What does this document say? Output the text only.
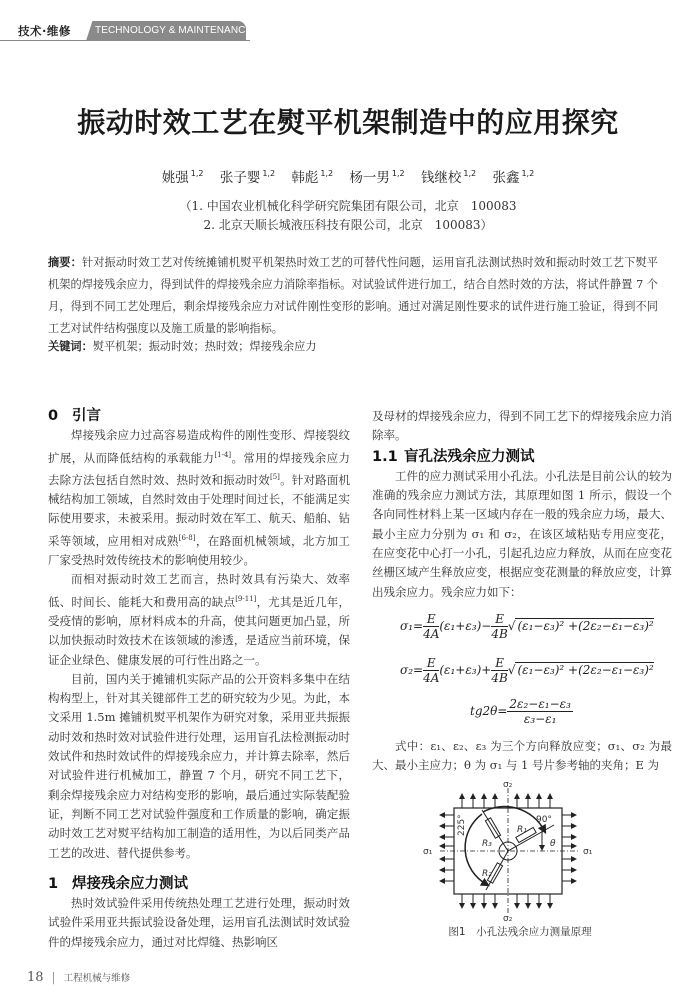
技术·维修 TECHNOLOGY & MAINTENANCE
振动时效工艺在熨平机架制造中的应用探究
姚强 $^{1,2}$ 张子婴 $^{1,2}$ 韩彪 $^{1,2}$ 杨一男 $^{1,2}$ 钱继校 $^{1,2}$ 张鑫 $^{1,2}$
（1. 中国农业机械化科学研究院集团有限公司，北京　100083
2. 北京天顺长城液压科技有限公司，北京　100083）
摘要：针对振动时效工艺对传统摊铺机熨平机架热时效工艺的可替代性问题，运用盲孔法测试热时效和振动时效工艺下熨平机架的焊接残余应力，得到试件的焊接残余应力消除率指标。对试验试件进行加工，结合自然时效的方法，将试件静置 7 个月，得到不同工艺处理后，剩余焊接残余应力对试件刚性变形的影响。通过对满足刚性要求的试件进行施工验证，得到不同工艺对试件结构强度以及施工质量的影响指标。
关键词：熨平机架；振动时效；热时效；焊接残余应力
0 引言

焊接残余应力过高容易造成构件的刚性变形、焊接裂纹扩展，从而降低结构的承载能力[1-4]。常用的焊接残余应力去除方法包括自然时效、热时效和振动时效[5]。针对路面机械结构加工领域，自然时效由于处理时间过长，不能满足实际使用要求，未被采用。振动时效在军工、航天、船舶、钻采等领域，应用相对成熟[6-8]，在路面机械领域，北方加工厂家受热时效传统技术的影响使用较少。

而相对振动时效工艺而言，热时效具有污染大、效率低、时间长、能耗大和费用高的缺点[9-11]，尤其是近几年，受疫情的影响，原材料成本的升高，使其问题更加凸显，所以加快振动时效技术在该领域的渗透，是适应当前环境，保证企业绿色、健康发展的可行性出路之一。

目前，国内关于摊铺机实际产品的公开资料多集中在结构构型上，针对其关键部件工艺的研究较为少见。为此，本文采用 1.5m 摊铺机熨平机架作为研究对象，采用亚共振振动时效和热时效对试验件进行处理，运用盲孔法检测振动时效试件和热时效试件的焊接残余应力，并计算去除率，然后对试验件进行机械加工，静置 7 个月，研究不同工艺下，剩余焊接残余应力对结构变形的影响，最后通过实际装配验证，判断不同工艺对试验件强度和工作质量的影响，确定振动时效工艺对熨平结构加工制造的适用性，为以后同类产品工艺的改进、替代提供参考。

1 焊接残余应力测试

热时效试验件采用传统热处理工艺进行处理，振动时效试验件采用亚共振试验设备处理，运用盲孔法测试时效试验件的焊接残余应力，通过对比焊缝、热影响区

及母材的焊接残余应力，得到不同工艺下的焊接残余应力消除率。

1.1 盲孔法残余应力测试

工件的应力测试采用小孔法。小孔法是目前公认的较为准确的残余应力测试方法，其原理如图 1 所示，假设一个各向同性材料上某一区域内存在一般的残余应力场，最大、最小主应力分别为 σ₁ 和 σ₂，在该区域粘贴专用应变花，在应变花中心打一小孔，引起孔边应力释放，从而在应变花丝栅区域产生释放应变，根据应变花测量的释放应变，计算出残余应力。残余应力如下：

$\sigma_1= \frac{E}{4A} (\varepsilon_1+\varepsilon_3)- \frac{E}{4B}$ √ (ε₁−ε₃)² +(2ε₂−ε₁−ε₃)²
$\sigma_2= \frac{E}{4A} (\varepsilon_1+\varepsilon_3)+ \frac{E}{4B}$ √ (ε₁−ε₃)² +(2ε₂−ε₁−ε₃)²
$tg2\theta= \frac{\text{2ε₂−ε₁−ε₃}}{\text{ε₃−ε₁}}$

式中：ε₁、ε₂、ε₃ 为三个方向释放应变；σ₁、σ₂ 为最大、最小主应力；θ 为 σ₁ 与 1 号片参考轴的夹角；E 为

σ₂
σ₂
σ₁	σ₁
90°
225°
θ
R₁
R₂
R₃
图1　小孔法残余应力测量原理
18 | 工程机械与维修
